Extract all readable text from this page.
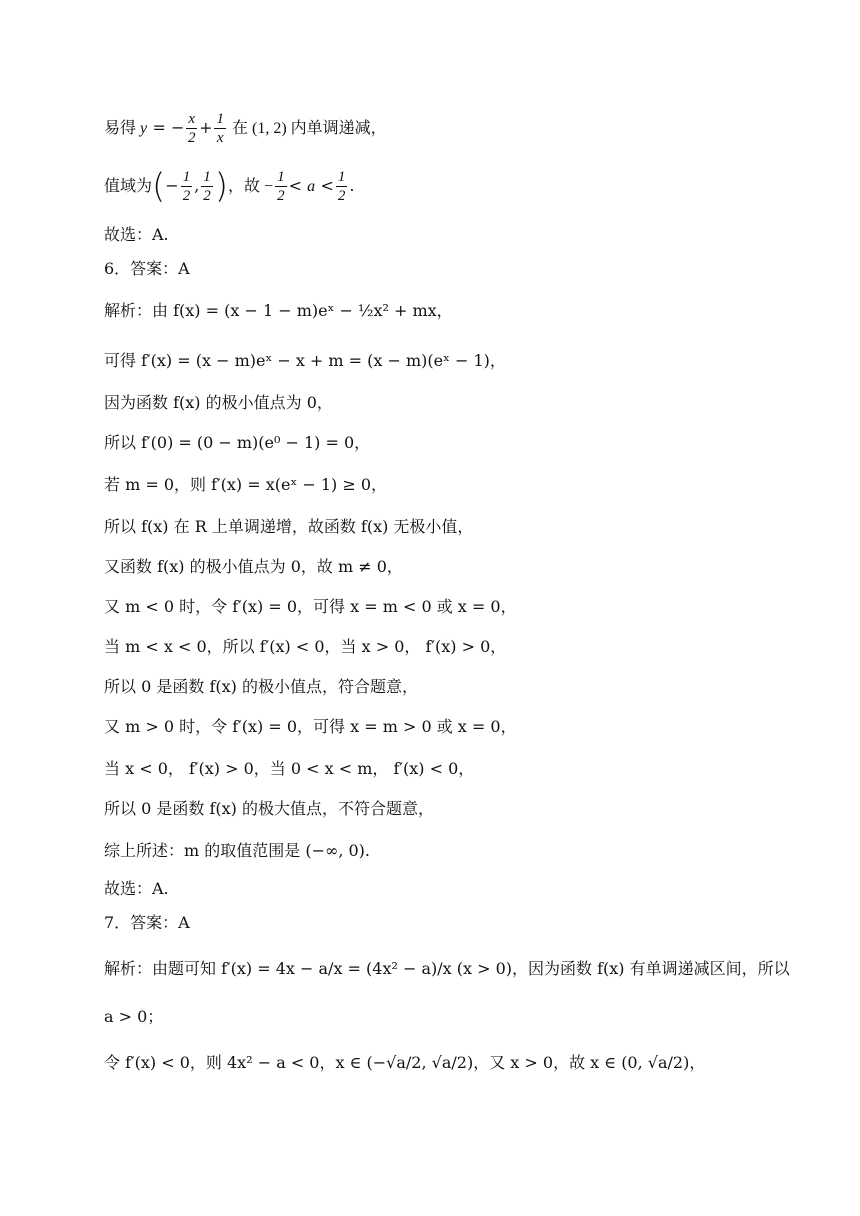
易得 y = − $\frac{x}{2} + \frac{1}{x}$ 在 (1, 2) 内单调递减，
值域为(− $\frac{1}{2}$ , $\frac{1}{2}$ )，故 − $\frac{1}{2} < a < \frac{1}{2}$ .
故选：A.
6．答案：A
解析：由 f(x) = (x − 1 − m)eˣ − ½x² + mx，
可得 f′(x) = (x − m)eˣ − x + m = (x − m)(eˣ − 1)，
因为函数 f(x) 的极小值点为 0，
所以 f′(0) = (0 − m)(e⁰ − 1) = 0，
若 m = 0，则 f′(x) = x(eˣ − 1) ≥ 0，
所以 f(x) 在 R 上单调递增，故函数 f(x) 无极小值，
又函数 f(x) 的极小值点为 0，故 m ≠ 0，
又 m < 0 时，令 f′(x) = 0，可得 x = m < 0 或 x = 0，
当 m < x < 0，所以 f′(x) < 0，当 x > 0， f′(x) > 0，
所以 0 是函数 f(x) 的极小值点，符合题意，
又 m > 0 时，令 f′(x) = 0，可得 x = m > 0 或 x = 0，
当 x < 0， f′(x) > 0，当 0 < x < m， f′(x) < 0，
所以 0 是函数 f(x) 的极大值点，不符合题意，
综上所述：m 的取值范围是 (−∞, 0).
故选：A.
7．答案：A
解析：由题可知 f′(x) = 4x − a/x = (4x² − a)/x (x > 0)，因为函数 f(x) 有单调递减区间，所以
a > 0；
令 f′(x) < 0，则 4x² − a < 0，x ∈ (−√a/2, √a/2)，又 x > 0，故 x ∈ (0, √a/2)，
